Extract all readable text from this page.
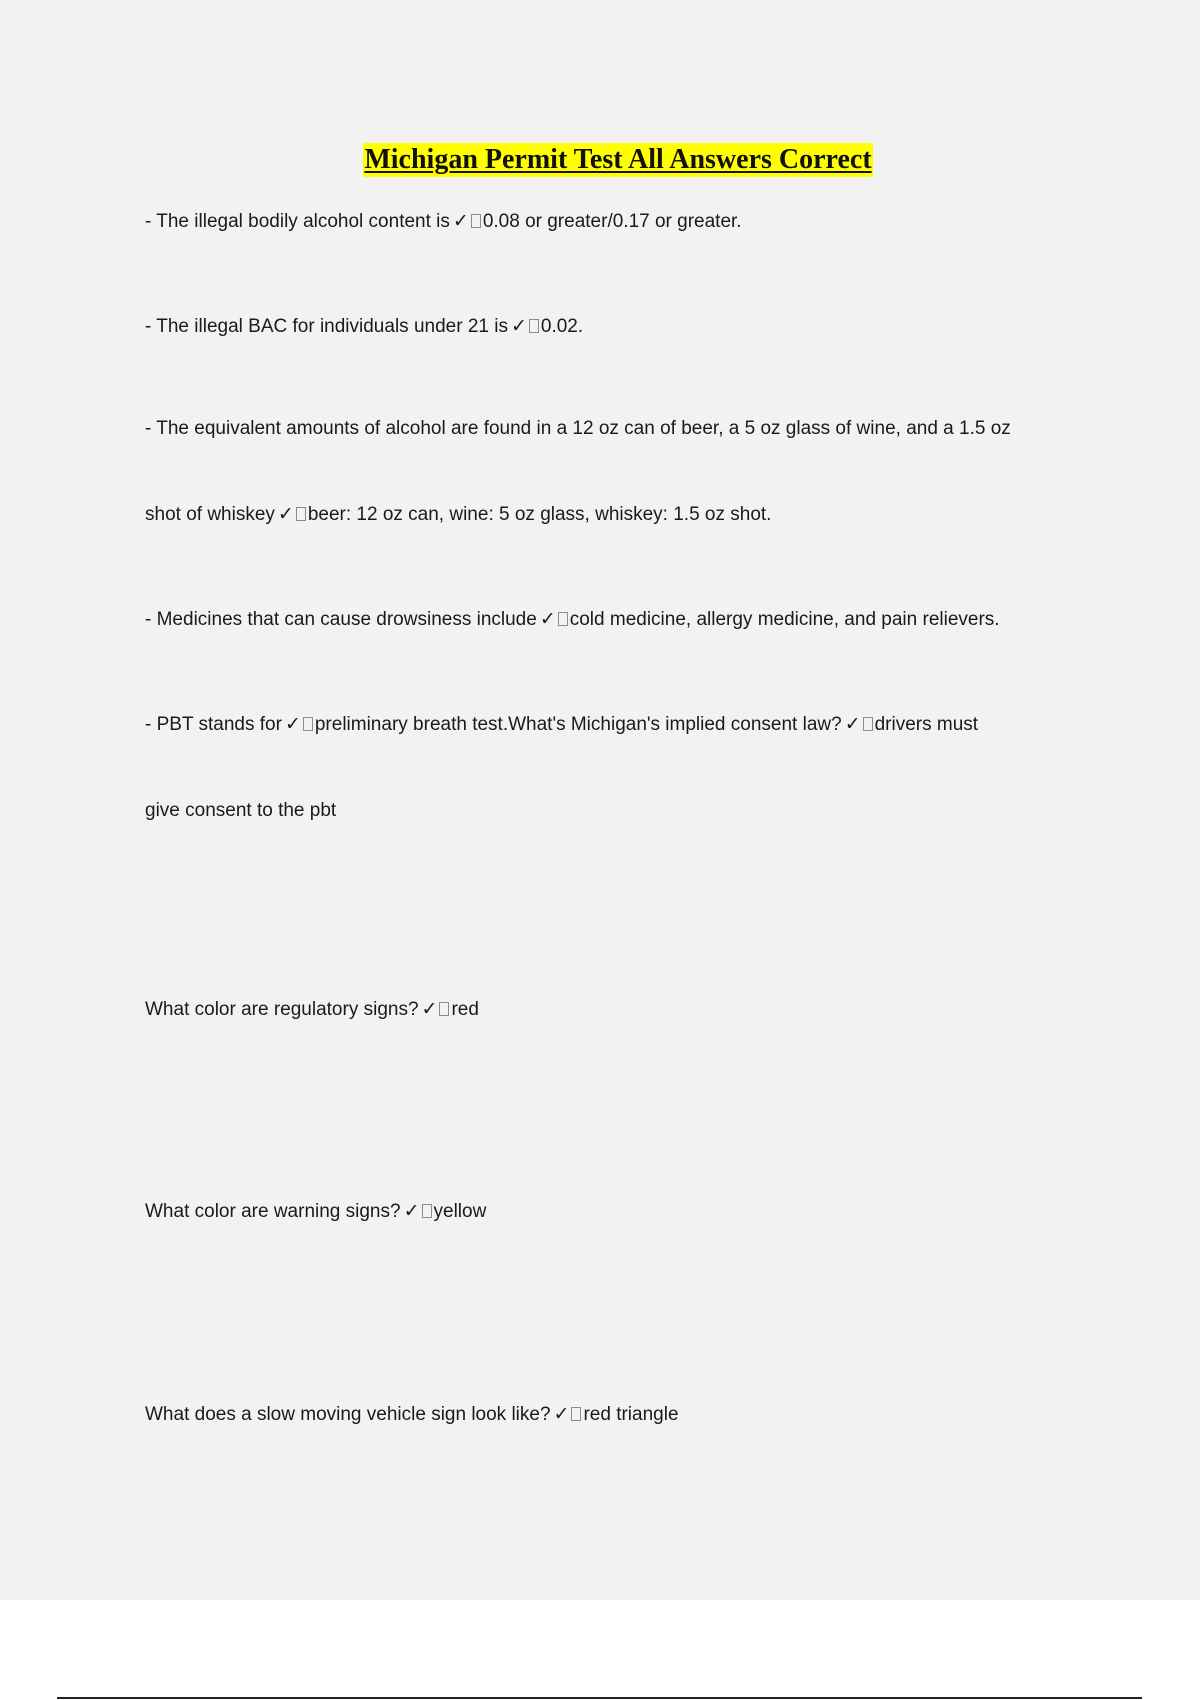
Michigan Permit Test All Answers Correct
- The illegal bodily alcohol content is ✓ 0.08 or greater/0.17 or greater.
- The illegal BAC for individuals under 21 is ✓ 0.02.
- The equivalent amounts of alcohol are found in a 12 oz can of beer, a 5 oz glass of wine, and a 1.5 oz
shot of whiskey ✓ beer: 12 oz can, wine: 5 oz glass, whiskey: 1.5 oz shot.
- Medicines that can cause drowsiness include ✓ cold medicine, allergy medicine, and pain relievers.
- PBT stands for ✓ preliminary breath test.What's Michigan's implied consent law? ✓ drivers must
give consent to the pbt
What color are regulatory signs? ✓ red
What color are warning signs? ✓ yellow
What does a slow moving vehicle sign look like? ✓ red triangle
